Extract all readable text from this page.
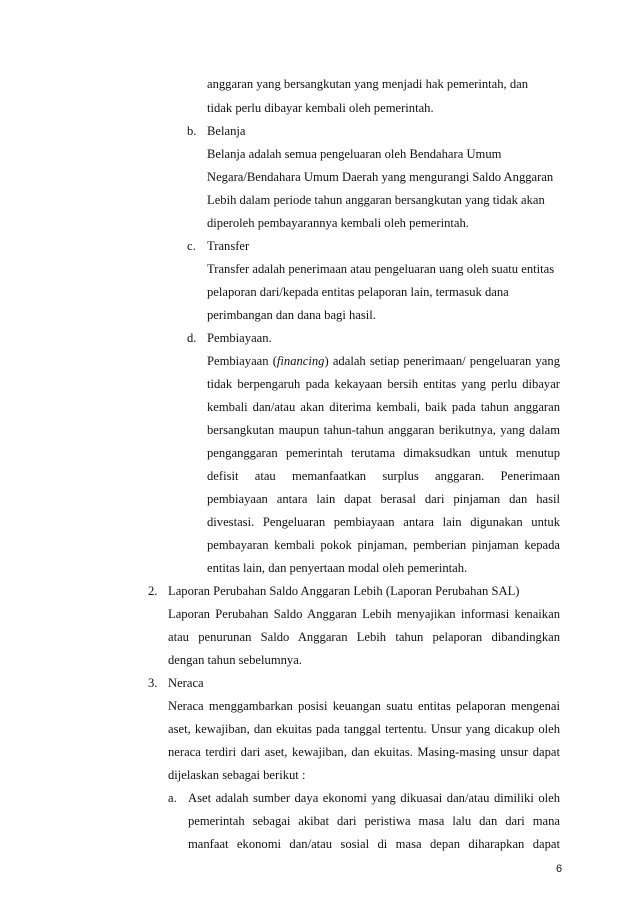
anggaran yang bersangkutan yang menjadi hak pemerintah, dan
tidak perlu dibayar kembali oleh pemerintah.
b. Belanja
Belanja adalah semua pengeluaran oleh Bendahara Umum
Negara/Bendahara Umum Daerah yang mengurangi Saldo Anggaran
Lebih dalam periode tahun anggaran bersangkutan yang tidak akan
diperoleh pembayarannya kembali oleh pemerintah.
c. Transfer
Transfer adalah penerimaan atau pengeluaran uang oleh suatu entitas
pelaporan dari/kepada entitas pelaporan lain, termasuk dana
perimbangan dan dana bagi hasil.
d. Pembiayaan.
Pembiayaan (financing) adalah setiap penerimaan/ pengeluaran yang
tidak berpengaruh pada kekayaan bersih entitas yang perlu dibayar
kembali dan/atau akan diterima kembali, baik pada tahun anggaran
bersangkutan maupun tahun-tahun anggaran berikutnya, yang dalam
penganggaran pemerintah terutama dimaksudkan untuk menutup
defisit atau memanfaatkan surplus anggaran. Penerimaan
pembiayaan antara lain dapat berasal dari pinjaman dan hasil
divestasi. Pengeluaran pembiayaan antara lain digunakan untuk
pembayaran kembali pokok pinjaman, pemberian pinjaman kepada
entitas lain, dan penyertaan modal oleh pemerintah.
2. Laporan Perubahan Saldo Anggaran Lebih (Laporan Perubahan SAL)
Laporan Perubahan Saldo Anggaran Lebih menyajikan informasi kenaikan
atau penurunan Saldo Anggaran Lebih tahun pelaporan dibandingkan
dengan tahun sebelumnya.
3. Neraca
Neraca menggambarkan posisi keuangan suatu entitas pelaporan mengenai
aset, kewajiban, dan ekuitas pada tanggal tertentu. Unsur yang dicakup oleh
neraca terdiri dari aset, kewajiban, dan ekuitas. Masing-masing unsur dapat
dijelaskan sebagai berikut :
a. Aset adalah sumber daya ekonomi yang dikuasai dan/atau dimiliki oleh
pemerintah sebagai akibat dari peristiwa masa lalu dan dari mana
manfaat ekonomi dan/atau sosial di masa depan diharapkan dapat
6
